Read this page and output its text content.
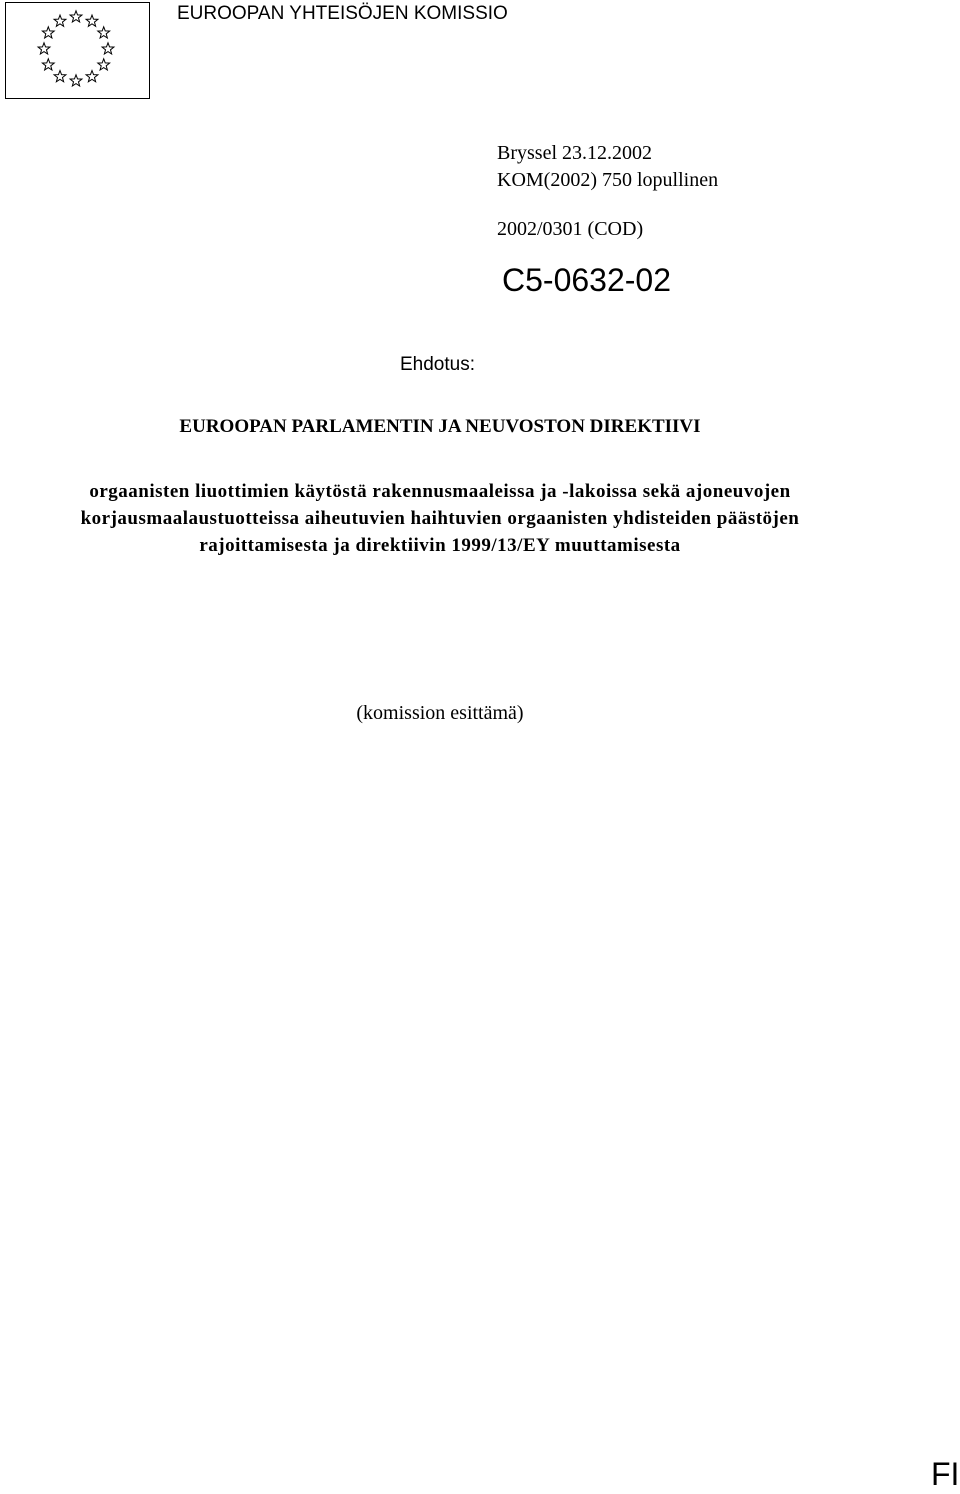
EUROOPAN YHTEISÖJEN KOMISSIO
Bryssel 23.12.2002
KOM(2002) 750 lopullinen
2002/0301 (COD)
C5-0632-02
Ehdotus:
EUROOPAN PARLAMENTIN JA NEUVOSTON DIREKTIIVI
orgaanisten liuottimien käytöstä rakennusmaaleissa ja -lakoissa sekä ajoneuvojen
korjausmaalaustuotteissa aiheutuvien haihtuvien orgaanisten yhdisteiden päästöjen
rajoittamisesta ja direktiivin 1999/13/EY muuttamisesta
(komission esittämä)
FI
